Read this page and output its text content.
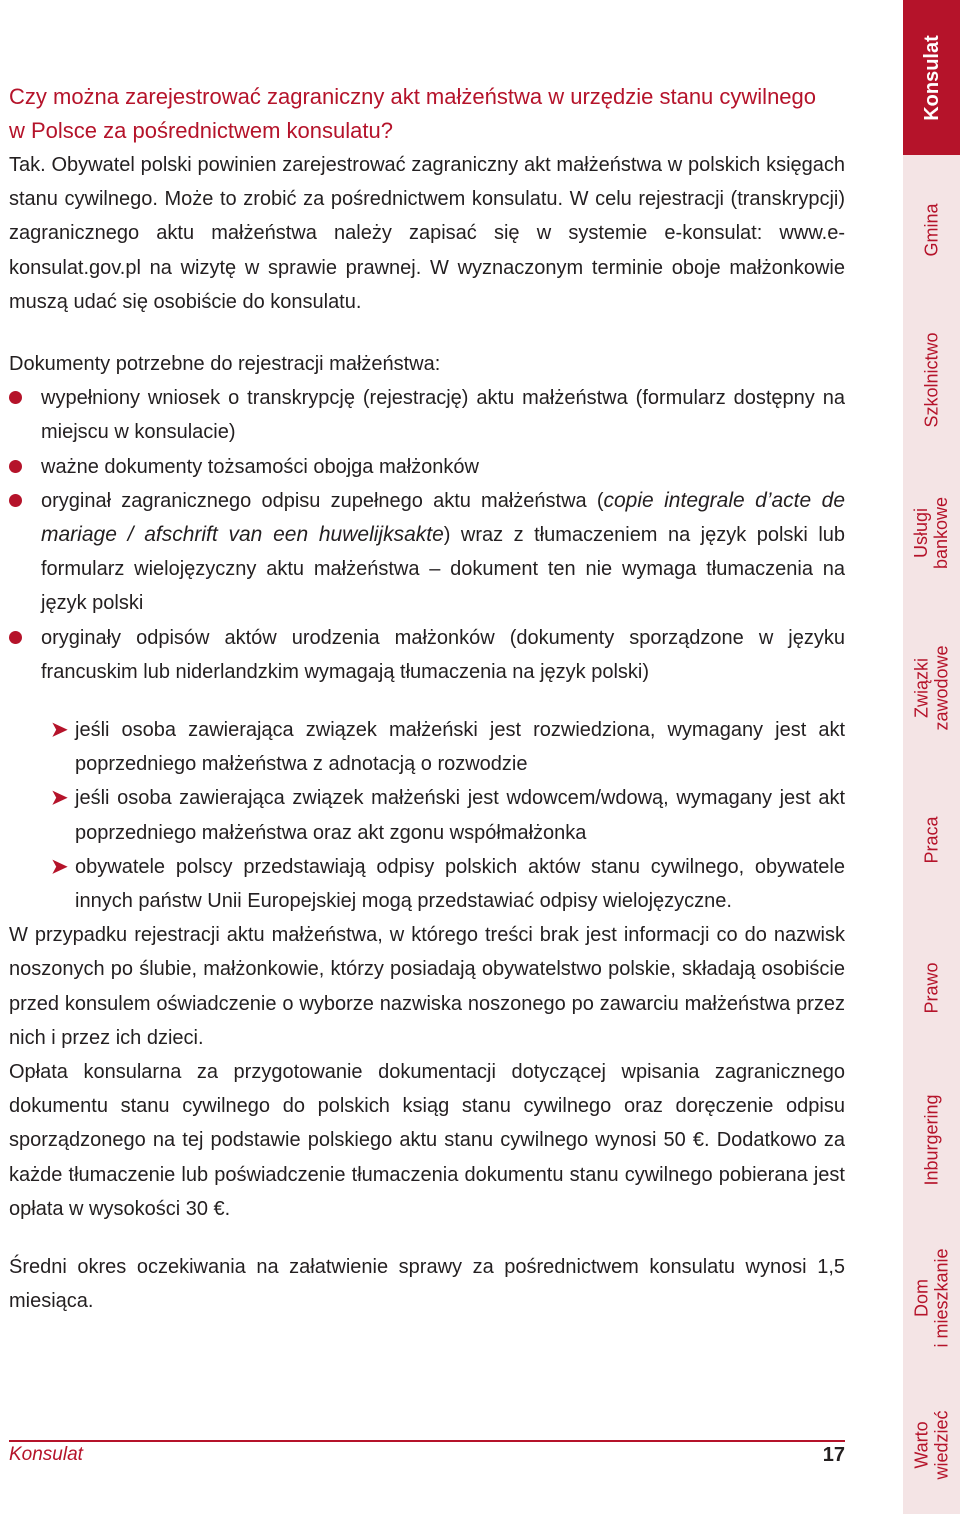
Czy można zarejestrować zagraniczny akt małżeństwa w urzędzie stanu cywilnego
w Polsce za pośrednictwem konsulatu?

Tak. Obywatel polski powinien zarejestrować zagraniczny akt małżeństwa w polskich księgach stanu cywilnego. Może to zrobić za pośrednictwem konsulatu. W celu rejestracji (transkrypcji) zagranicznego aktu małżeństwa należy zapisać się w systemie e-konsulat: www.e-konsulat.gov.pl na wizytę w sprawie prawnej. W wyznaczonym terminie oboje małżonkowie muszą udać się osobiście do konsulatu.

Dokumenty potrzebne do rejestracji małżeństwa:

wypełniony wniosek o transkrypcję (rejestrację) aktu małżeństwa (formularz dostępny na miejscu w konsulacie)
ważne dokumenty tożsamości obojga małżonków
oryginał zagranicznego odpisu zupełnego aktu małżeństwa (copie integrale d’acte de mariage / afschrift van een huwelijksakte) wraz z tłumaczeniem na język polski lub formularz wielojęzyczny aktu małżeństwa – dokument ten nie wymaga tłumaczenia na język polski
oryginały odpisów aktów urodzenia małżonków (dokumenty sporządzone w języku francuskim lub niderlandzkim wymagają tłumaczenia na język polski)
➤ jeśli osoba zawierająca związek małżeński jest rozwiedziona, wymagany jest akt poprzedniego małżeństwa z adnotacją o rozwodzie
➤ jeśli osoba zawierająca związek małżeński jest wdowcem/wdową, wymagany jest akt poprzedniego małżeństwa oraz akt zgonu współmałżonka
➤ obywatele polscy przedstawiają odpisy polskich aktów stanu cywilnego, obywatele innych państw Unii Europejskiej mogą przedstawiać odpisy wielojęzyczne.

W przypadku rejestracji aktu małżeństwa, w którego treści brak jest informacji co do nazwisk noszonych po ślubie, małżonkowie, którzy posiadają obywatelstwo polskie, składają osobiście przed konsulem oświadczenie o wyborze nazwiska noszonego po zawarciu małżeństwa przez nich i przez ich dzieci.

Opłata konsularna za przygotowanie dokumentacji dotyczącej wpisania zagranicznego dokumentu stanu cywilnego do polskich ksiąg stanu cywilnego oraz doręczenie odpisu sporządzonego na tej podstawie polskiego aktu stanu cywilnego wynosi 50 €. Dodatkowo za każde tłumaczenie lub poświadczenie tłumaczenia dokumentu stanu cywilnego pobierana jest opłata w wysokości 30 €.

Średni okres oczekiwania na załatwienie sprawy za pośrednictwem konsulatu wynosi 1,5 miesiąca.

Konsulat	17
Konsulat
Gmina
Szkolnictwo
Usługi
bankowe
Związki
zawodowe
Praca
Prawo
Inburgering
Dom
i mieszkanie
Warto
wiedzieć
